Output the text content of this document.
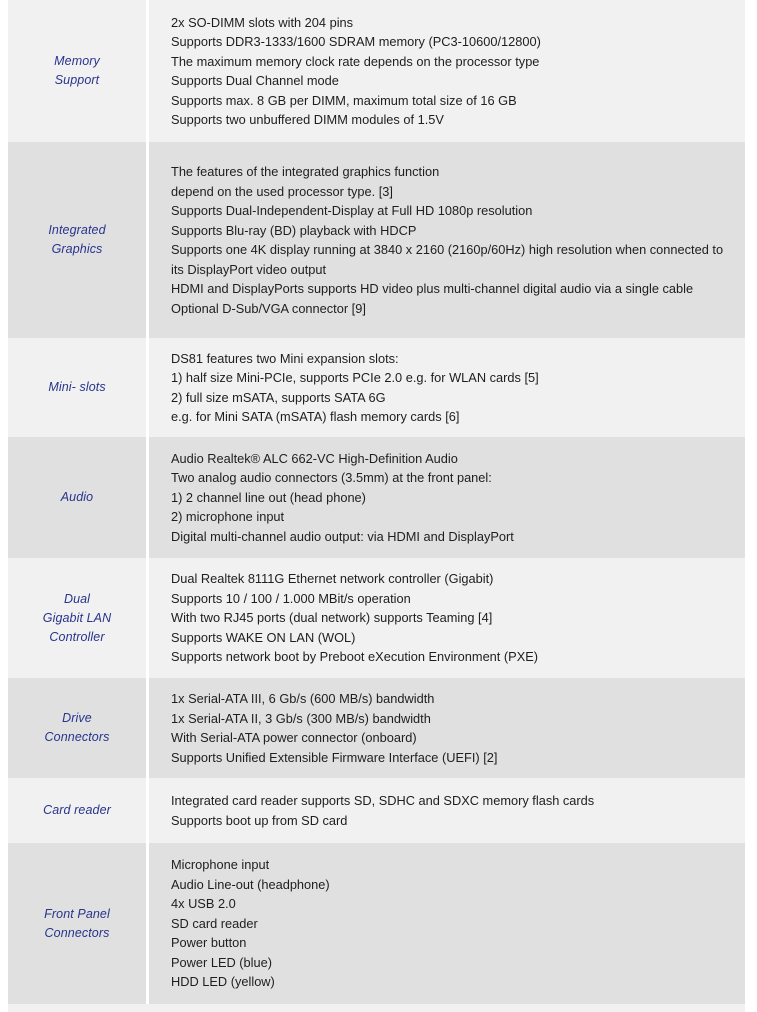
Memory
Support
2x SO-DIMM slots with 204 pins
Supports DDR3-1333/1600 SDRAM memory (PC3-10600/12800)
The maximum memory clock rate depends on the processor type
Supports Dual Channel mode
Supports max. 8 GB per DIMM, maximum total size of 16 GB
Supports two unbuffered DIMM modules of 1.5V
Integrated
Graphics
The features of the integrated graphics function
depend on the used processor type. [3]
Supports Dual-Independent-Display at Full HD 1080p resolution
Supports Blu-ray (BD) playback with HDCP
Supports one 4K display running at 3840 x 2160 (2160p/60Hz) high resolution when connected to its DisplayPort video output
HDMI and DisplayPorts supports HD video plus multi-channel digital audio via a single cable
Optional D-Sub/VGA connector [9]
Mini- slots
DS81 features two Mini expansion slots:
1) half size Mini-PCIe, supports PCIe 2.0 e.g. for WLAN cards [5]
2) full size mSATA, supports SATA 6G
e.g. for Mini SATA (mSATA) flash memory cards [6]
Audio
Audio Realtek® ALC 662-VC High-Definition Audio
Two analog audio connectors (3.5mm) at the front panel:
1) 2 channel line out (head phone)
2) microphone input
Digital multi-channel audio output: via HDMI and DisplayPort
Dual
Gigabit LAN
Controller
Dual Realtek 8111G Ethernet network controller (Gigabit)
Supports 10 / 100 / 1.000 MBit/s operation
With two RJ45 ports (dual network) supports Teaming [4]
Supports WAKE ON LAN (WOL)
Supports network boot by Preboot eXecution Environment (PXE)
Drive
Connectors
1x Serial-ATA III, 6 Gb/s (600 MB/s) bandwidth
1x Serial-ATA II, 3 Gb/s (300 MB/s) bandwidth
With Serial-ATA power connector (onboard)
Supports Unified Extensible Firmware Interface (UEFI) [2]
Card reader
Integrated card reader supports SD, SDHC and SDXC memory flash cards
Supports boot up from SD card
Front Panel
Connectors
Microphone input
Audio Line-out (headphone)
4x USB 2.0
SD card reader
Power button
Power LED (blue)
HDD LED (yellow)
